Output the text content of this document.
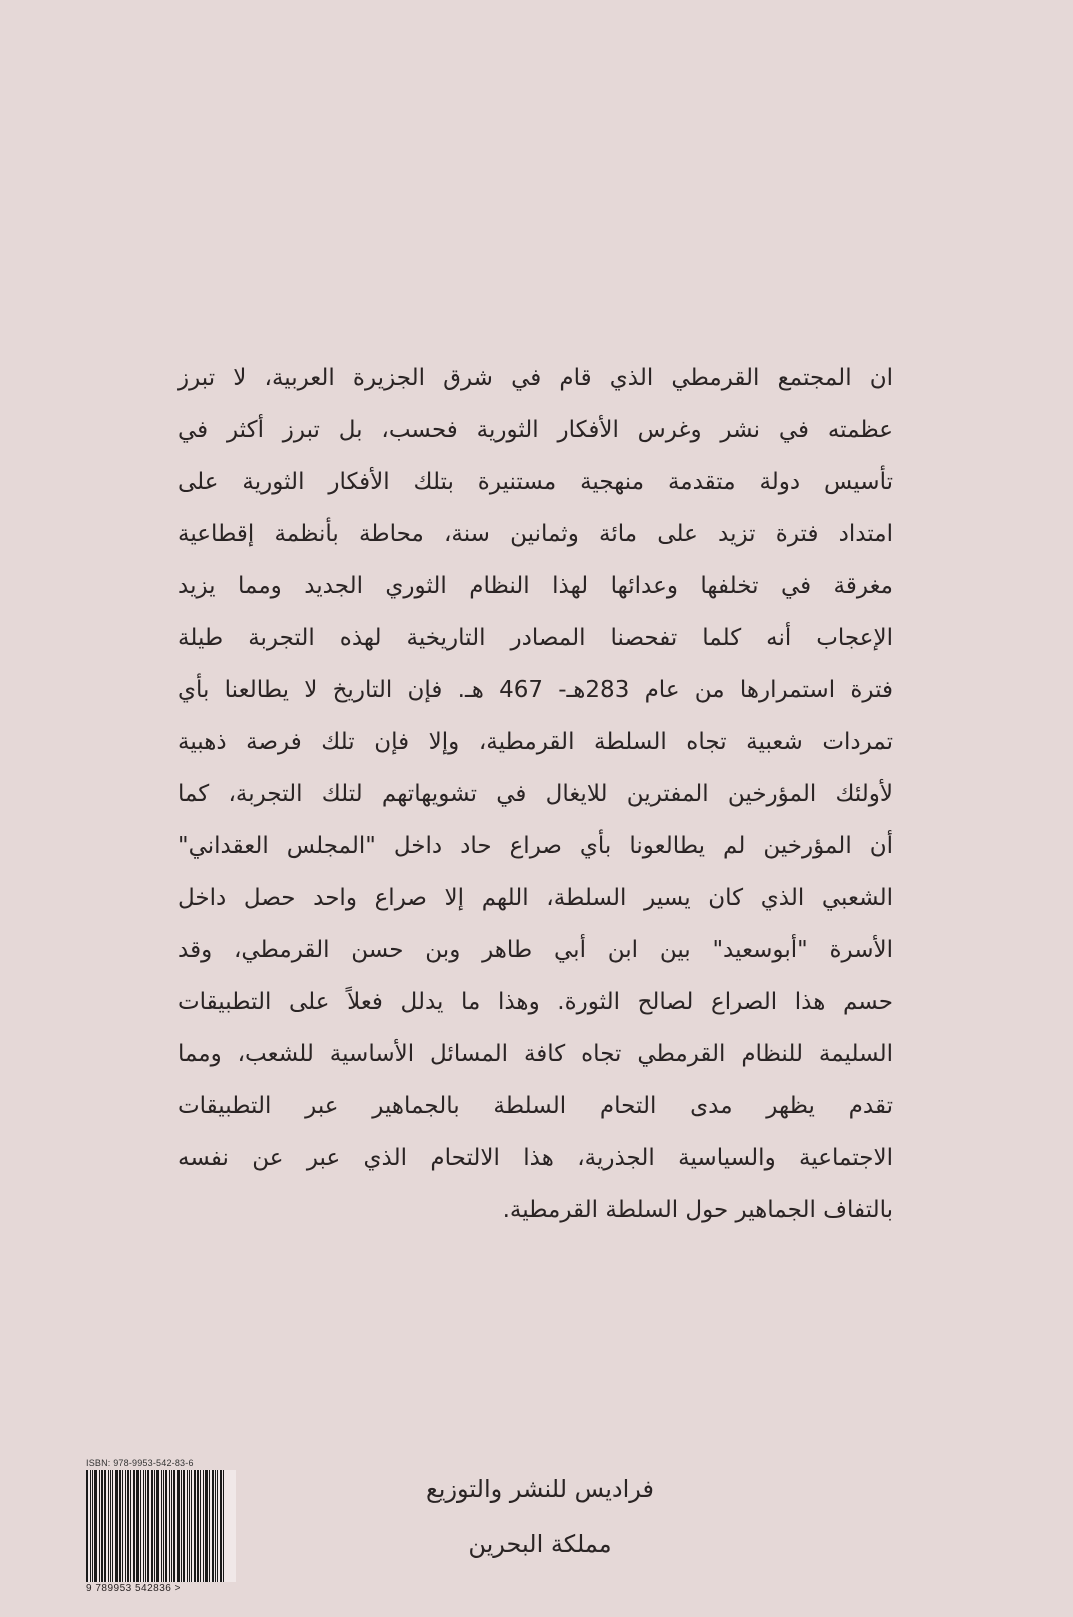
ان المجتمع القرمطي الذي قام في شرق الجزيرة العربية، لا تبرز
عظمته في نشر وغرس الأفكار الثورية فحسب، بل تبرز أكثر في
تأسيس دولة متقدمة منهجية مستنيرة بتلك الأفكار الثورية على
امتداد فترة تزيد على مائة وثمانين سنة، محاطة بأنظمة إقطاعية
مغرقة في تخلفها وعدائها لهذا النظام الثوري الجديد ومما يزيد
الإعجاب أنه كلما تفحصنا المصادر التاريخية لهذه التجربة طيلة
فترة استمرارها من عام 283هـ- 467 هـ. فإن التاريخ لا يطالعنا بأي
تمردات شعبية تجاه السلطة القرمطية، وإلا فإن تلك فرصة ذهبية
لأولئك المؤرخين المفترين للايغال في تشويهاتهم لتلك التجربة، كما
أن المؤرخين لم يطالعونا بأي صراع حاد داخل "المجلس العقداني"
الشعبي الذي كان يسير السلطة، اللهم إلا صراع واحد حصل داخل
الأسرة "أبوسعيد" بين ابن أبي طاهر وبن حسن القرمطي، وقد
حسم هذا الصراع لصالح الثورة. وهذا ما يدلل فعلاً على التطبيقات
السليمة للنظام القرمطي تجاه كافة المسائل الأساسية للشعب، ومما
تقدم يظهر مدى التحام السلطة بالجماهير عبر التطبيقات
الاجتماعية والسياسية الجذرية، هذا الالتحام الذي عبر عن نفسه
بالتفاف الجماهير حول السلطة القرمطية.
ISBN: 978-9953-542-83-6
9 789953 542836 >
فراديس للنشر والتوزيع
مملكة البحرين
